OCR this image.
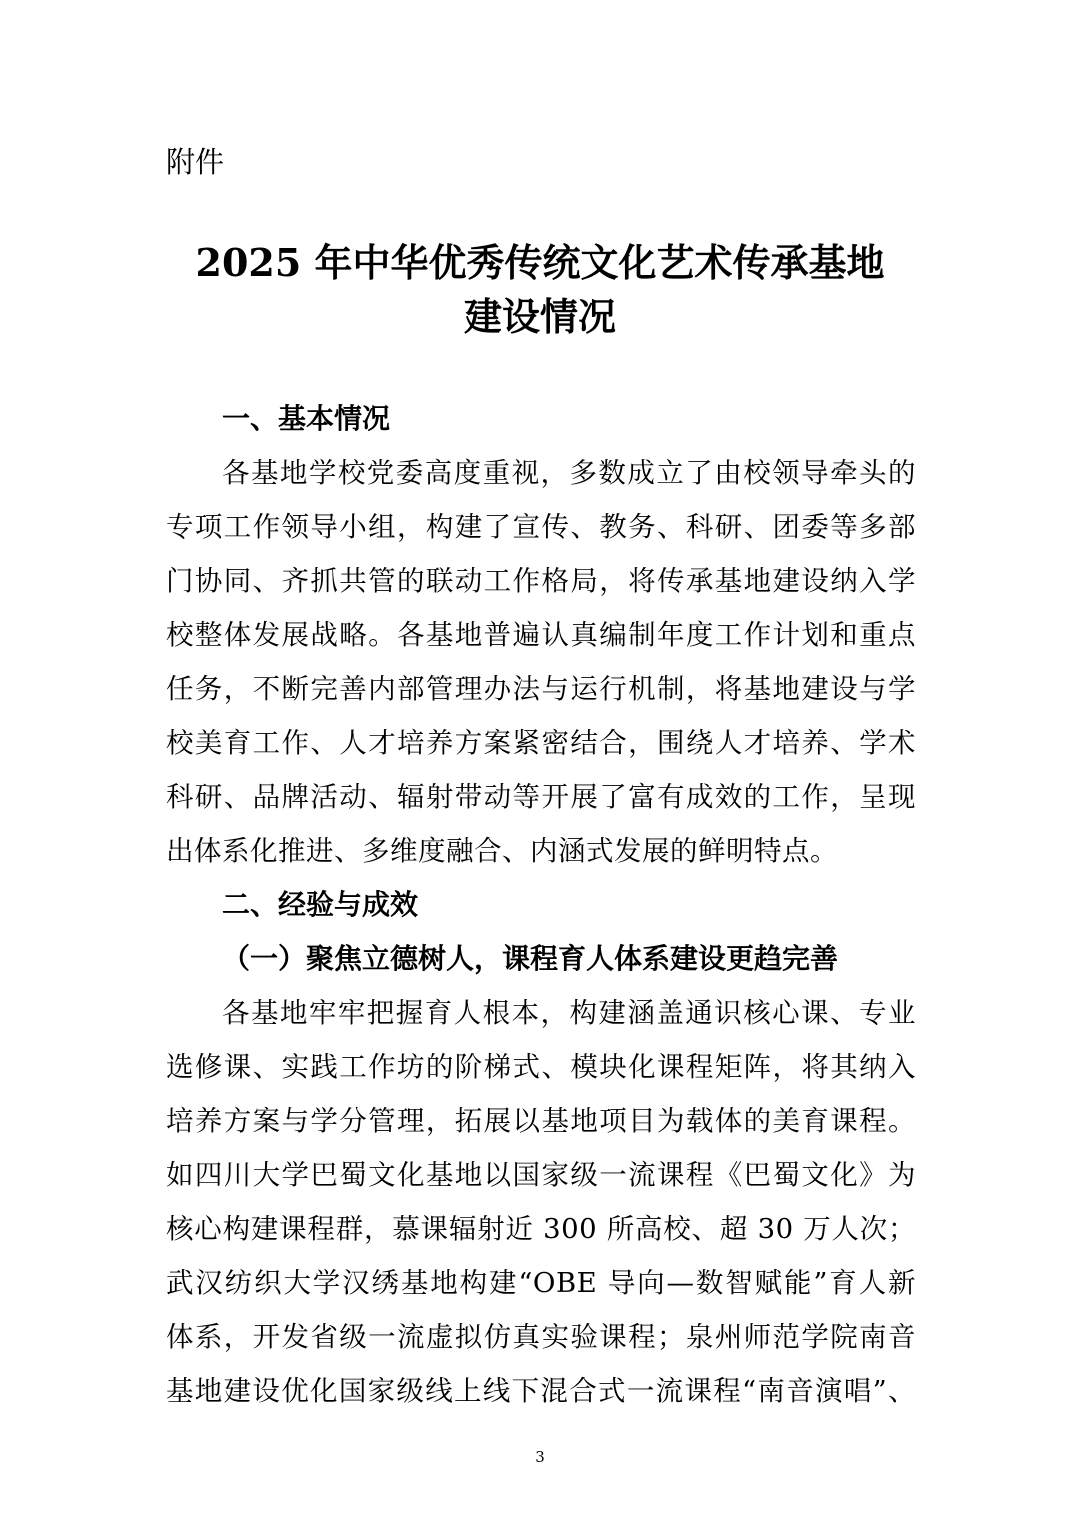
附件
2025 年中华优秀传统文化艺术传承基地
建设情况
一、基本情况
各基地学校党委高度重视，多数成立了由校领导牵头的
专项工作领导小组，构建了宣传、教务、科研、团委等多部
门协同、齐抓共管的联动工作格局，将传承基地建设纳入学
校整体发展战略。各基地普遍认真编制年度工作计划和重点
任务，不断完善内部管理办法与运行机制，将基地建设与学
校美育工作、人才培养方案紧密结合，围绕人才培养、学术
科研、品牌活动、辐射带动等开展了富有成效的工作，呈现
出体系化推进、多维度融合、内涵式发展的鲜明特点。
二、经验与成效
（一）聚焦立德树人，课程育人体系建设更趋完善
各基地牢牢把握育人根本，构建涵盖通识核心课、专业
选修课、实践工作坊的阶梯式、模块化课程矩阵，将其纳入
培养方案与学分管理，拓展以基地项目为载体的美育课程。
如四川大学巴蜀文化基地以国家级一流课程《巴蜀文化》为
核心构建课程群，慕课辐射近 300 所高校、超 30 万人次；
武汉纺织大学汉绣基地构建“OBE 导向—数智赋能”育人新
体系，开发省级一流虚拟仿真实验课程；泉州师范学院南音
基地建设优化国家级线上线下混合式一流课程“南音演唱”、
3
